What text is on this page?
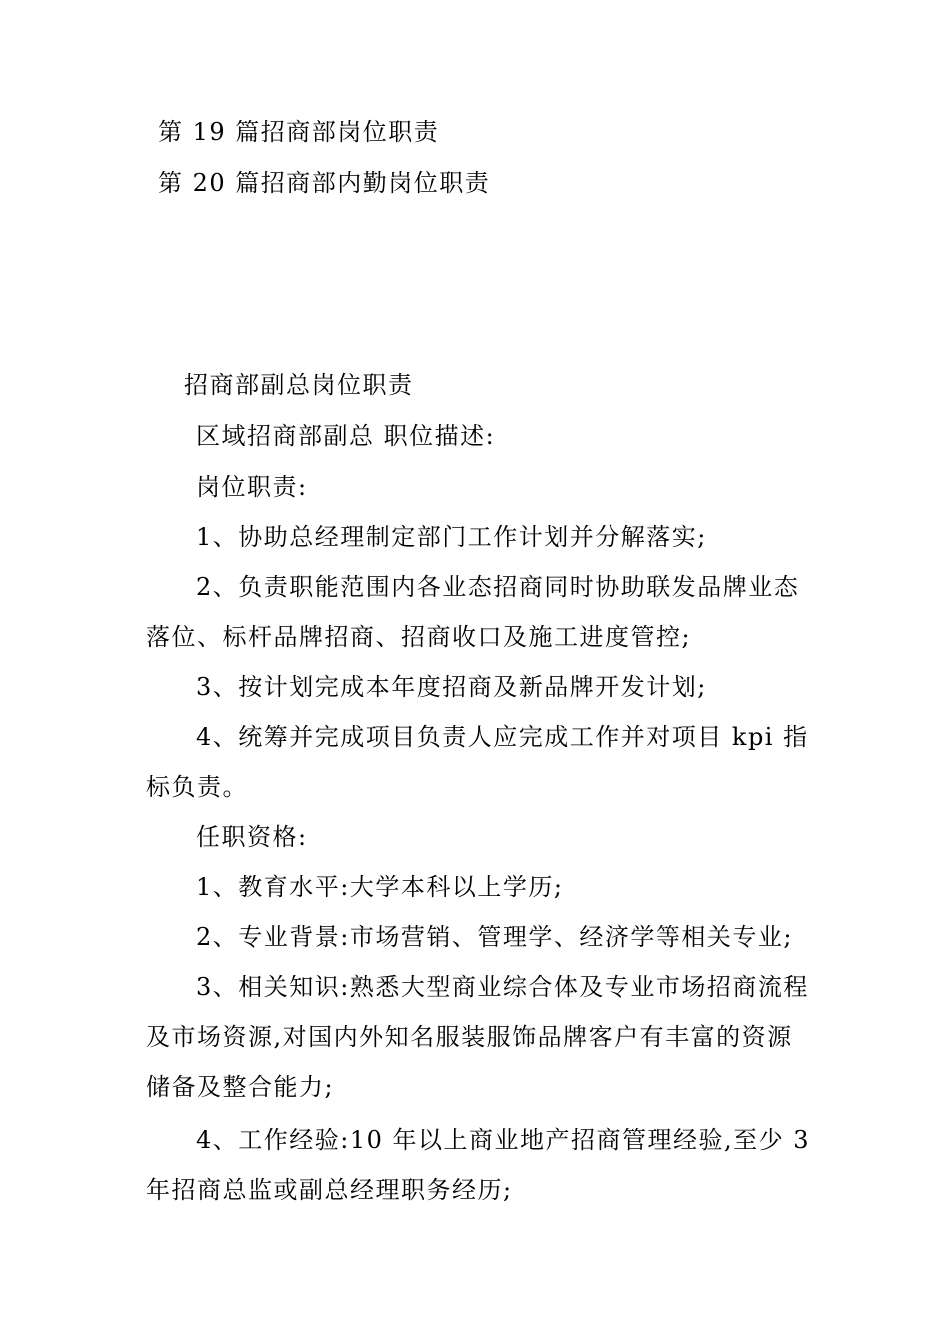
第 19 篇招商部岗位职责
第 20 篇招商部内勤岗位职责
招商部副总岗位职责
区域招商部副总 职位描述:
岗位职责:
1、协助总经理制定部门工作计划并分解落实;
2、负责职能范围内各业态招商同时协助联发品牌业态
落位、标杆品牌招商、招商收口及施工进度管控;
3、按计划完成本年度招商及新品牌开发计划;
4、统筹并完成项目负责人应完成工作并对项目 kpi 指
标负责。
任职资格:
1、教育水平:大学本科以上学历;
2、专业背景:市场营销、管理学、经济学等相关专业;
3、相关知识:熟悉大型商业综合体及专业市场招商流程
及市场资源,对国内外知名服装服饰品牌客户有丰富的资源
储备及整合能力;
4、工作经验:10 年以上商业地产招商管理经验,至少 3
年招商总监或副总经理职务经历;
